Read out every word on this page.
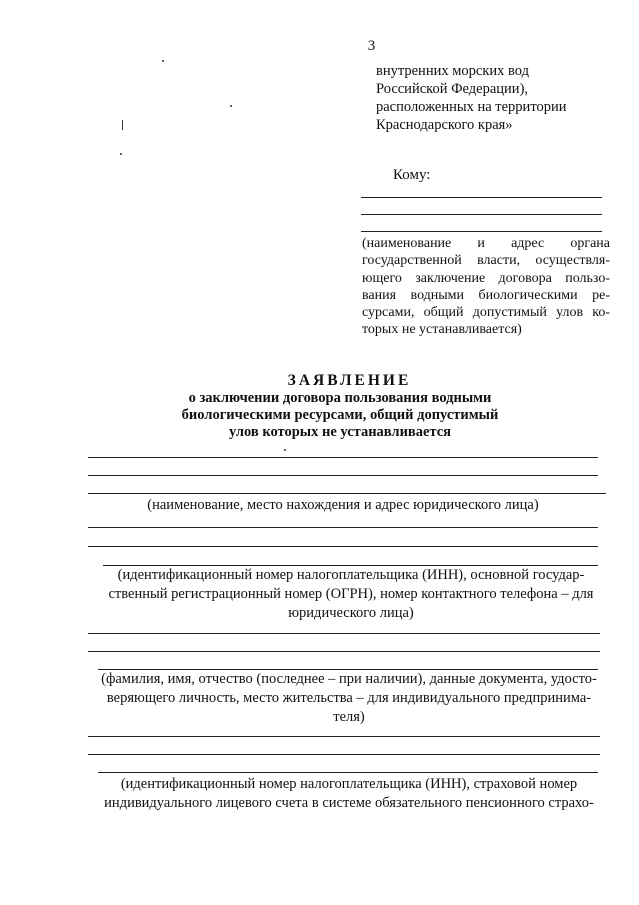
3
внутренних морских вод
Российской Федерации),
расположенных на территории
Краснодарского края»
Кому:
(наименование и адрес органа государственной власти, осуществля-ющего заключение договора пользо-вания водными биологическими ре-сурсами, общий допустимый улов ко-торых не устанавливается)
ЗАЯВЛЕНИЕ
о заключении договора пользования водными
биологическими ресурсами, общий допустимый
улов которых не устанавливается
(наименование, место нахождения и адрес юридического лица)
(идентификационный номер налогоплательщика (ИНН), основной государ-
ственный регистрационный номер (ОГРН), номер контактного телефона – для
юридического лица)
(фамилия, имя, отчество (последнее – при наличии), данные документа, удосто-
веряющего личность, место жительства – для индивидуального предпринима-
теля)
(идентификационный номер налогоплательщика (ИНН), страховой номер
индивидуального лицевого счета в системе обязательного пенсионного страхо-
